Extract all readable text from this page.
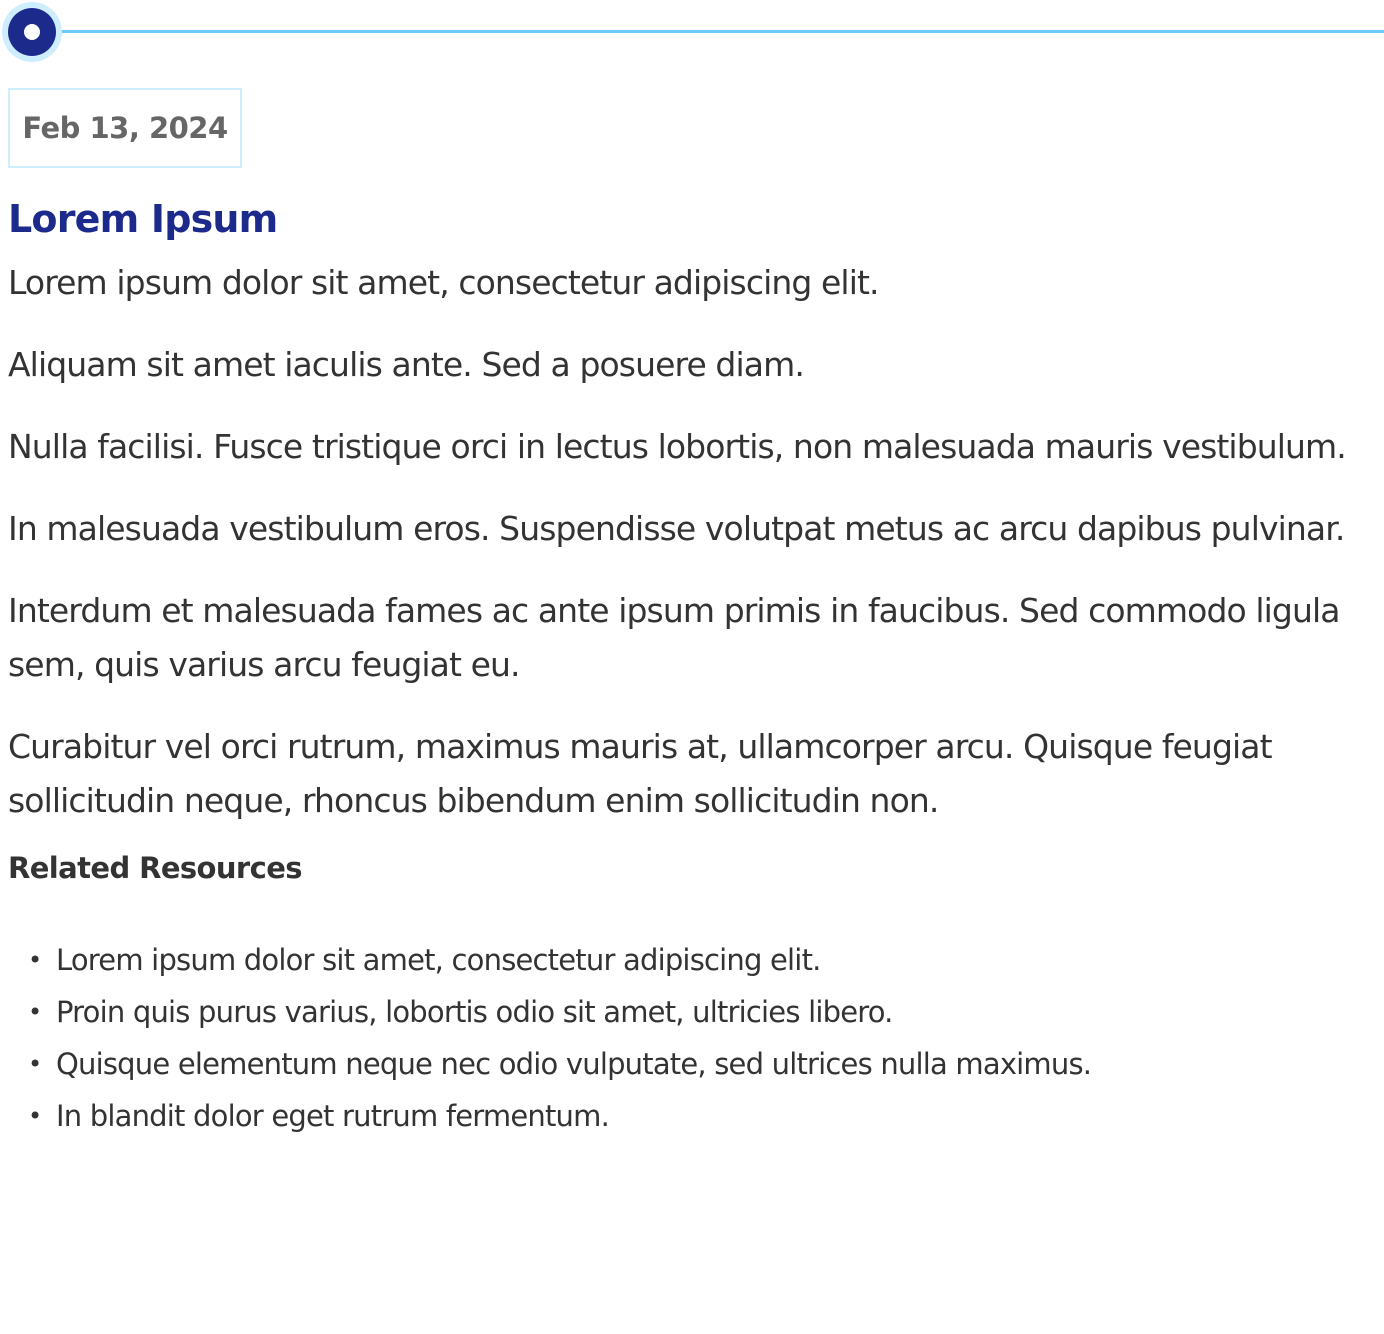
Feb 13, 2024
Lorem Ipsum

Lorem ipsum dolor sit amet, consectetur adipiscing elit.

Aliquam sit amet iaculis ante. Sed a posuere diam.

Nulla facilisi. Fusce tristique orci in lectus lobortis, non malesuada mauris vestibulum.

In malesuada vestibulum eros. Suspendisse volutpat metus ac arcu dapibus pulvinar.

Interdum et malesuada fames ac ante ipsum primis in faucibus. Sed commodo ligula sem, quis varius arcu feugiat eu.

Curabitur vel orci rutrum, maximus mauris at, ullamcorper arcu. Quisque feugiat sollicitudin neque, rhoncus bibendum enim sollicitudin non.

Related Resources
• Lorem ipsum dolor sit amet, consectetur adipiscing elit.
• Proin quis purus varius, lobortis odio sit amet, ultricies libero.
• Quisque elementum neque nec odio vulputate, sed ultrices nulla maximus.
• In blandit dolor eget rutrum fermentum.
